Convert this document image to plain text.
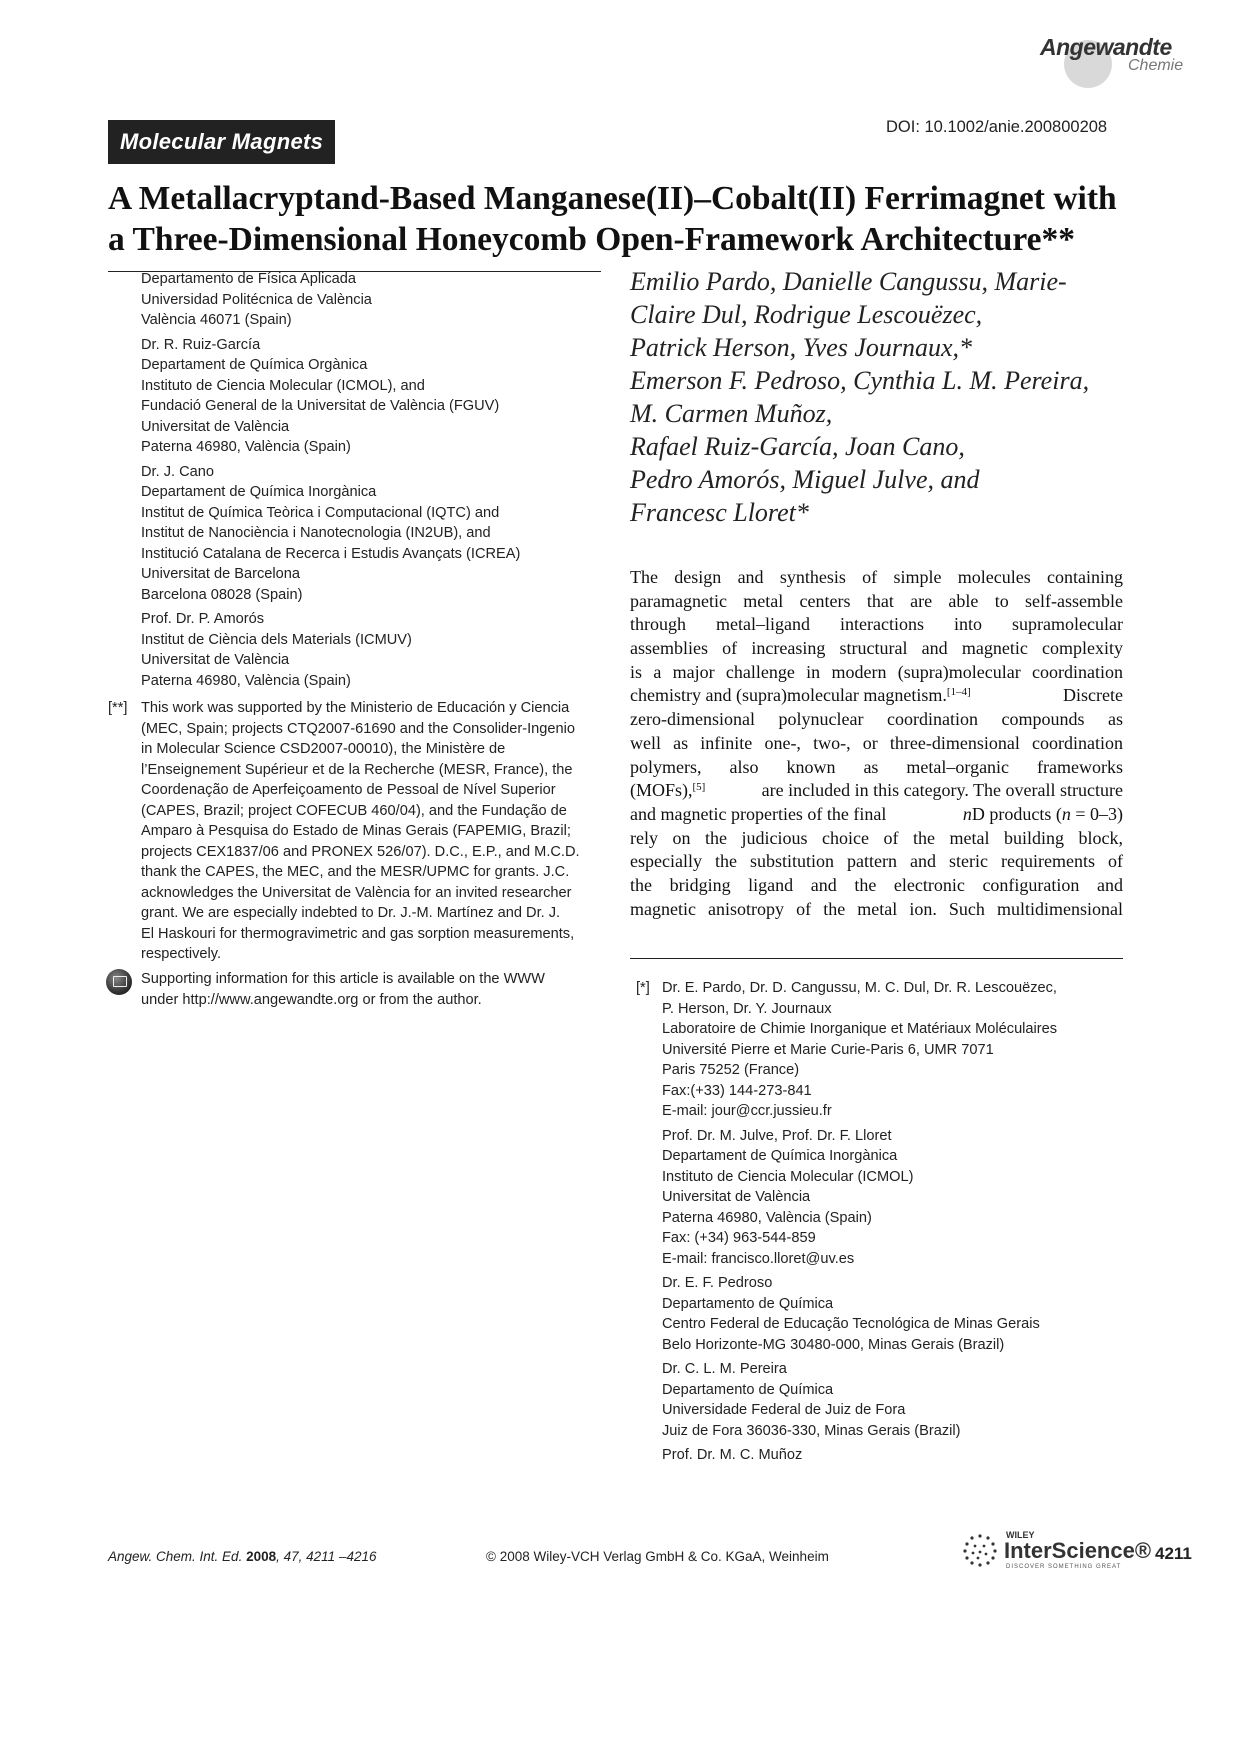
Angewandte
Chemie
Molecular Magnets
DOI: 10.1002/anie.200800208
A Metallacryptand-Based Manganese(II)–Cobalt(II) Ferrimagnet with
a Three-Dimensional Honeycomb Open-Framework Architecture**
Departamento de Física Aplicada
Universidad Politécnica de València
València 46071 (Spain)
Dr. R. Ruiz-García
Departament de Química Orgànica
Instituto de Ciencia Molecular (ICMOL), and
Fundació General de la Universitat de València (FGUV)
Universitat de València
Paterna 46980, València (Spain)
Dr. J. Cano
Departament de Química Inorgànica
Institut de Química Teòrica i Computacional (IQTC) and
Institut de Nanociència i Nanotecnologia (IN2UB), and
Institució Catalana de Recerca i Estudis Avançats (ICREA)
Universitat de Barcelona
Barcelona 08028 (Spain)
Prof. Dr. P. Amorós
Institut de Ciència dels Materials (ICMUV)
Universitat de València
Paterna 46980, València (Spain)
[**] This work was supported by the Ministerio de Educación y Ciencia
(MEC, Spain; projects CTQ2007-61690 and the Consolider-Ingenio
in Molecular Science CSD2007-00010), the Ministère de
l’Enseignement Supérieur et de la Recherche (MESR, France), the
Coordenação de Aperfeiçoamento de Pessoal de Nível Superior
(CAPES, Brazil; project COFECUB 460/04), and the Fundação de
Amparo à Pesquisa do Estado de Minas Gerais (FAPEMIG, Brazil;
projects CEX1837/06 and PRONEX 526/07). D.C., E.P., and M.C.D.
thank the CAPES, the MEC, and the MESR/UPMC for grants. J.C.
acknowledges the Universitat de València for an invited researcher
grant. We are especially indebted to Dr. J.-M. Martínez and Dr. J.
El Haskouri for thermogravimetric and gas sorption measurements,
respectively.
Supporting information for this article is available on the WWW
under http://www.angewandte.org or from the author.
Emilio Pardo, Danielle Cangussu, Marie-
Claire Dul, Rodrigue Lescouëzec,
Patrick Herson, Yves Journaux,*
Emerson F. Pedroso, Cynthia L. M. Pereira,
M. Carmen Muñoz,
Rafael Ruiz-García, Joan Cano,
Pedro Amorós, Miguel Julve, and
Francesc Lloret*
The design and synthesis of simple molecules containing
paramagnetic metal centers that are able to self-assemble
through metal–ligand interactions into supramolecular
assemblies of increasing structural and magnetic complexity
is a major challenge in modern (supra)molecular coordination
chemistry and (supra)molecular magnetism.[1–4]	Discrete
zero-dimensional polynuclear coordination compounds as
well as infinite one-, two-, or three-dimensional coordination
polymers, also known as metal–organic frameworks
(MOFs),[5]	are included in this category. The overall structure
and magnetic properties of the final	nD products (n = 0–3)
rely on the judicious choice of the metal building block,
especially the substitution pattern and steric requirements of
the bridging ligand and the electronic configuration and
magnetic anisotropy of the metal ion. Such multidimensional
[*] Dr. E. Pardo, Dr. D. Cangussu, M. C. Dul, Dr. R. Lescouëzec,
P. Herson, Dr. Y. Journaux
Laboratoire de Chimie Inorganique et Matériaux Moléculaires
Université Pierre et Marie Curie-Paris 6, UMR 7071
Paris 75252 (France)
Fax:(+33) 144-273-841
E-mail: jour@ccr.jussieu.fr
Prof. Dr. M. Julve, Prof. Dr. F. Lloret
Departament de Química Inorgànica
Instituto de Ciencia Molecular (ICMOL)
Universitat de València
Paterna 46980, València (Spain)
Fax: (+34) 963-544-859
E-mail: francisco.lloret@uv.es
Dr. E. F. Pedroso
Departamento de Química
Centro Federal de Educação Tecnológica de Minas Gerais
Belo Horizonte-MG 30480-000, Minas Gerais (Brazil)
Dr. C. L. M. Pereira
Departamento de Química
Universidade Federal de Juiz de Fora
Juiz de Fora 36036-330, Minas Gerais (Brazil)
Prof. Dr. M. C. Muñoz
Angew. Chem. Int. Ed. 2008, 47, 4211 –4216	© 2008 Wiley-VCH Verlag GmbH & Co. KGaA, Weinheim
WILEY
InterScience®
DISCOVER SOMETHING GREAT
4211
